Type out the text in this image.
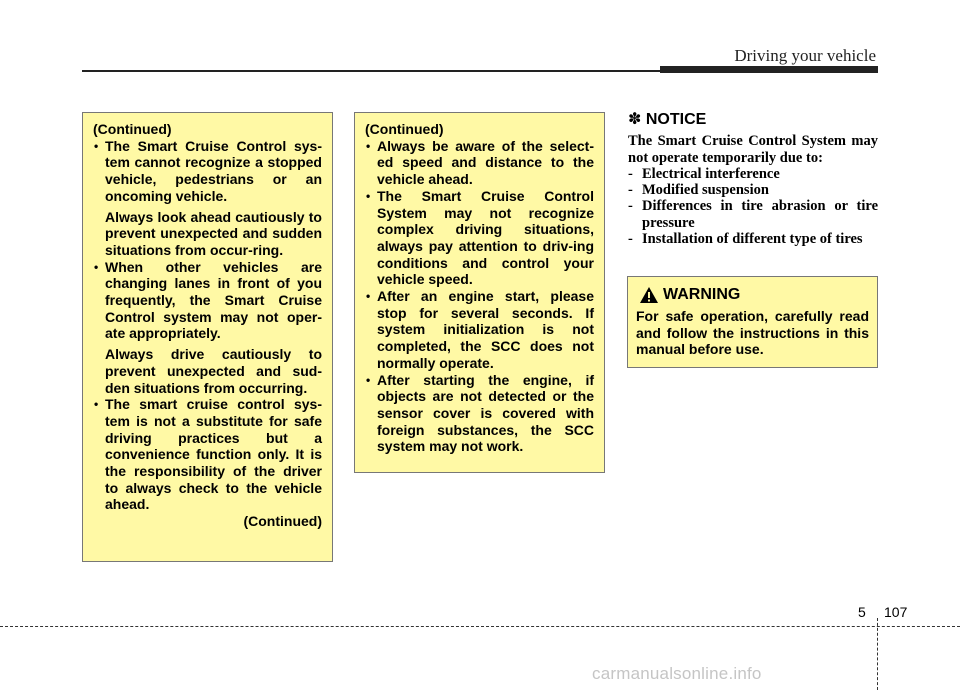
Driving your vehicle

(Continued)

• The Smart Cruise Control sys-tem cannot recognize a stopped vehicle, pedestrians or an oncoming vehicle.
Always look ahead cautiously to prevent unexpected and sudden situations from occur-ring.
• When other vehicles are changing lanes in front of you frequently, the Smart Cruise Control system may not oper-ate appropriately.
Always drive cautiously to prevent unexpected and sud-den situations from occurring.
• The smart cruise control sys-tem is not a substitute for safe driving practices but a convenience function only. It is the responsibility of the driver to always check to the vehicle ahead.

(Continued)

(Continued)

• Always be aware of the select-ed speed and distance to the vehicle ahead.
• The Smart Cruise Control System may not recognize complex driving situations, always pay attention to driv-ing conditions and control your vehicle speed.
• After an engine start, please stop for several seconds. If system initialization is not completed, the SCC does not normally operate.
• After starting the engine, if objects are not detected or the sensor cover is covered with foreign substances, the SCC system may not work.
✽ NOTICE

The Smart Cruise Control System may not operate temporarily due to:

- Electrical interference
- Modified suspension
- Differences in tire abrasion or tire pressure
- Installation of different type of tires
WARNING
For safe operation, carefully read and follow the instructions in this manual before use.
5 107
carmanualsonline.info
